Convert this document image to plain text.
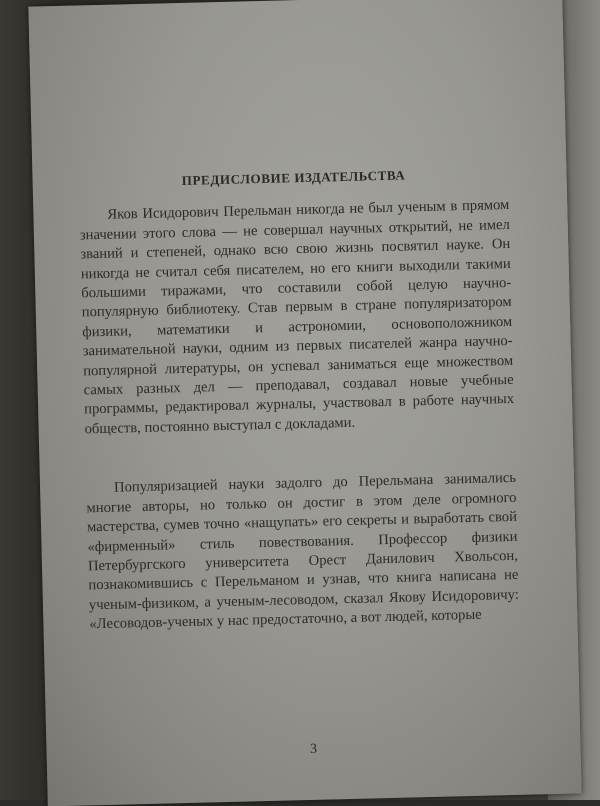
ПРЕДИСЛОВИЕ ИЗДАТЕЛЬСТВА

Яков Исидорович Перельман никогда не был ученым в прямом значении этого слова — не совершал научных открытий, не имел званий и степеней, однако всю свою жизнь посвятил науке. Он никогда не считал себя писателем, но его книги выходили такими большими тиражами, что составили собой целую научно-популярную библиотеку. Став первым в стране популяризатором физики, математики и астрономии, основоположником занимательной науки, одним из первых писателей жанра научно-популярной литературы, он успевал заниматься еще множеством самых разных дел — преподавал, создавал новые учебные программы, редактировал журналы, участвовал в работе научных обществ, постоянно выступал с докладами.

Популяризацией науки задолго до Перельмана занимались многие авторы, но только он достиг в этом деле огромного мастерства, сумев точно «нащупать» его секреты и выработать свой «фирменный» стиль повествования. Профессор физики Петербургского университета Орест Данилович Хвольсон, познакомившись с Перельманом и узнав, что книга написана не ученым-физиком, а ученым-лесоводом, сказал Якову Исидоровичу: «Лесоводов-ученых у нас предостаточно, а вот людей, которые

3
